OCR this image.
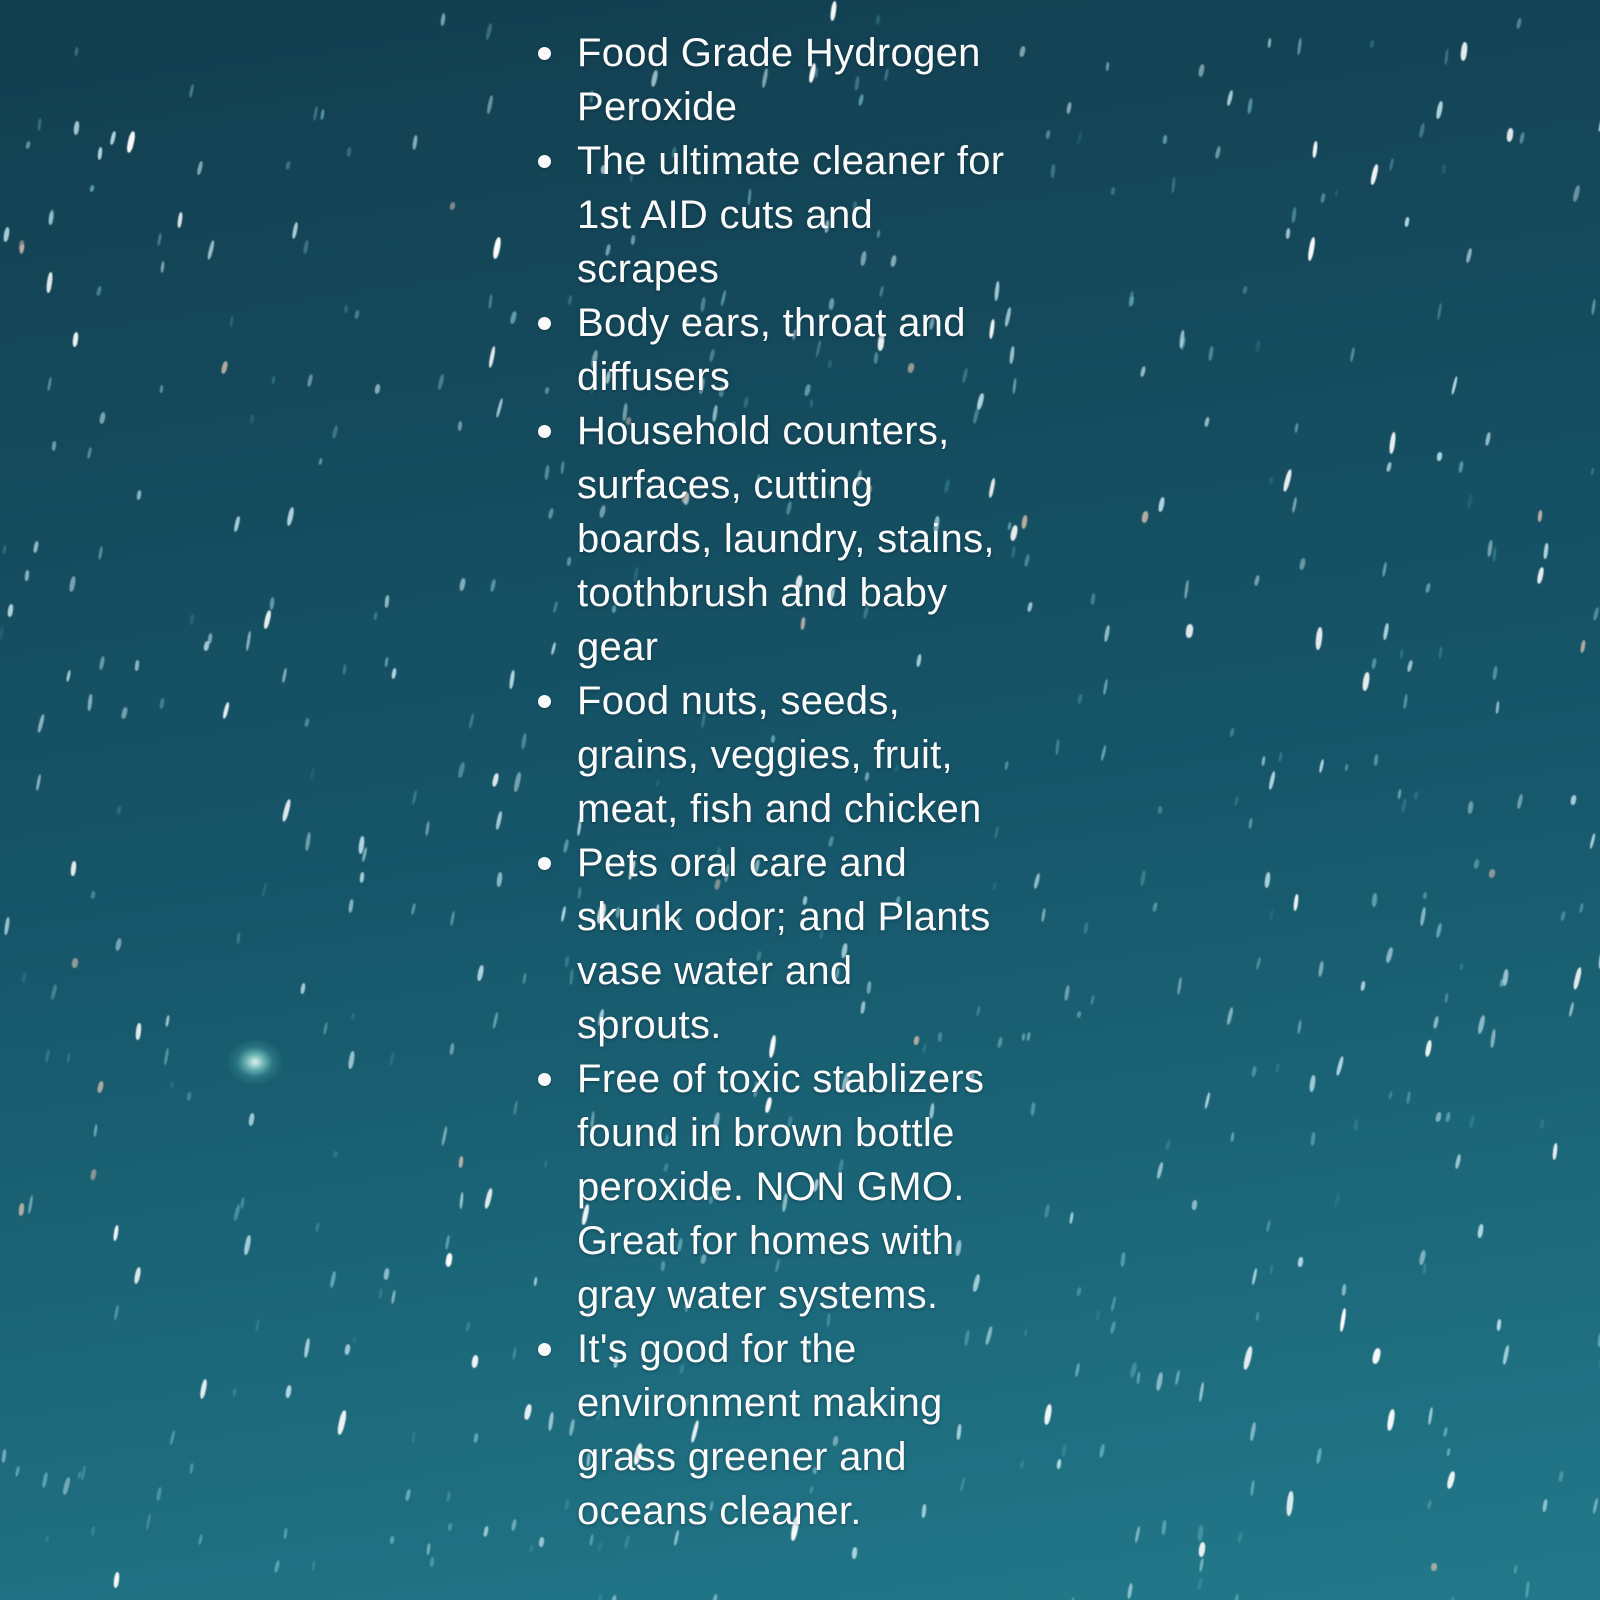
Food Grade Hydrogen
Peroxide
The ultimate cleaner for
1st AID cuts and
scrapes
Body ears, throat and
diffusers
Household counters,
surfaces, cutting
boards, laundry, stains,
toothbrush and baby
gear
Food nuts, seeds,
grains, veggies, fruit,
meat, fish and chicken
Pets oral care and
skunk odor; and Plants
vase water and
sprouts.
Free of toxic stablizers
found in brown bottle
peroxide. NON GMO.
Great for homes with
gray water systems.
It's good for the
environment making
grass greener and
oceans cleaner.
